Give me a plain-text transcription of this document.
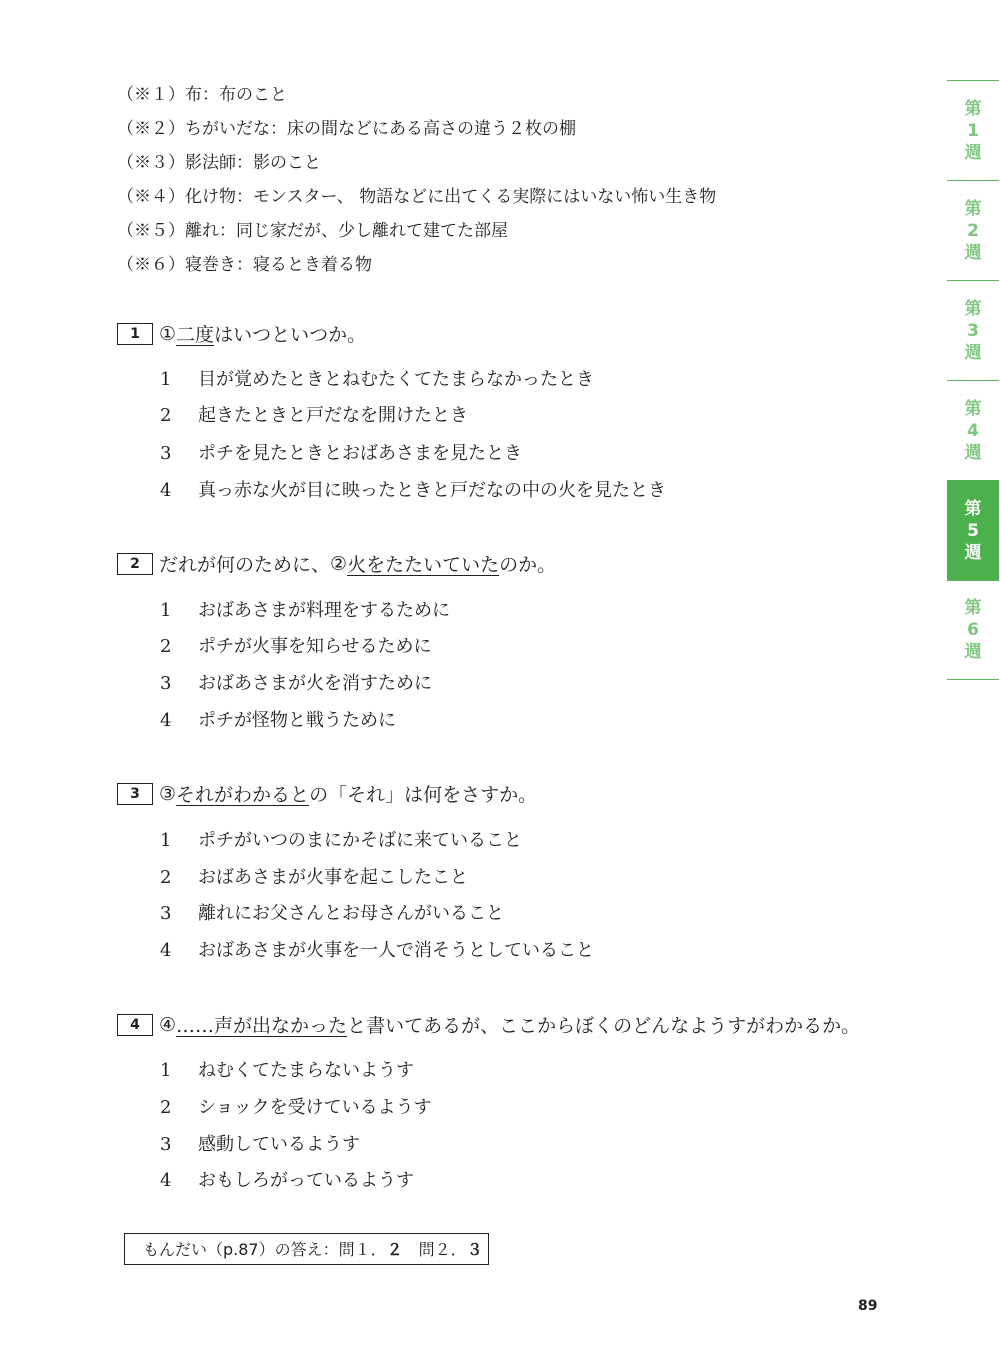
（※１）布：布のこと
（※２）ちがいだな：床の間などにある高さの違う２枚の棚
（※３）影法師：影のこと
（※４）化け物：モンスター、 物語などに出てくる実際にはいない怖い生き物
（※５）離れ：同じ家だが、少し離れて建てた部屋
（※６）寝巻き：寝るとき着る物
1	① 二度 はいつといつか。
1 目が覚めたときとねむたくてたまらなかったとき
2 起きたときと戸だなを開けたとき
3 ポチを見たときとおばあさまを見たとき
4 真っ赤な火が目に映ったときと戸だなの中の火を見たとき
2	だれが何のために、 ② 火をたたいていた のか。
1 おばあさまが料理をするために
2 ポチが火事を知らせるために
3 おばあさまが火を消すために
4 ポチが怪物と戦うために
3	③ それがわかると の「それ」は何をさすか。
1 ポチがいつのまにかそばに来ていること
2 おばあさまが火事を起こしたこと
3 離れにお父さんとお母さんがいること
4 おばあさまが火事を一人で消そうとしていること
4	④ ……声が出なかった と書いてあるが、ここからぼくのどんなようすがわかるか。
1 ねむくてたまらないようす
2 ショックを受けているようす
3 感動しているようす
4 おもしろがっているようす
もんだい（p.87）の答え：問１．２　問２．３
89
第
1
週
第
2
週
第
3
週
第
4
週
第
5
週
第
6
週
